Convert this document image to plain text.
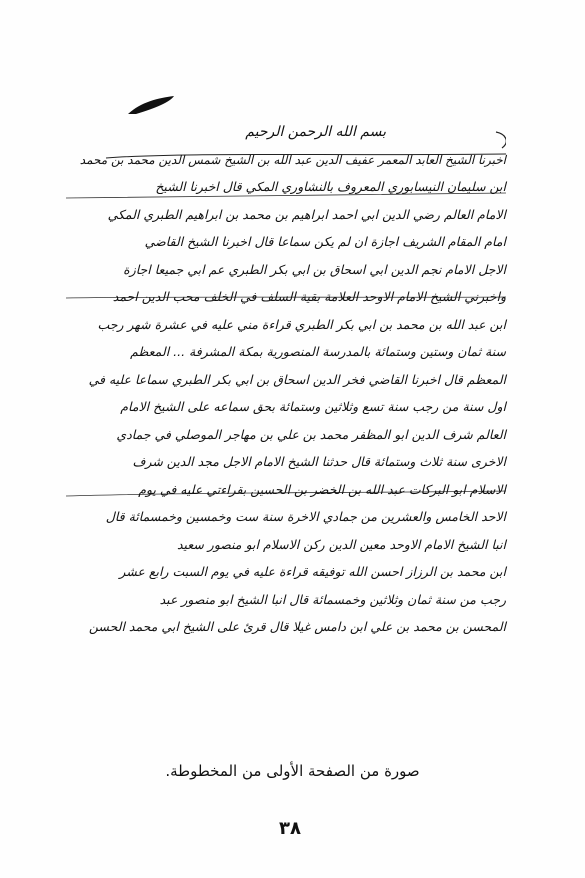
بسم الله الرحمن الرحيم
اخبرنا الشيخ العابد المعمر عفيف الدين عبد الله بن الشيخ شمس الدين محمد بن محمد
ابن سليمان النيسابوري المعروف بالنشاوري المكي قال اخبرنا الشيخ
الامام العالم رضي الدين ابي احمد ابراهيم بن محمد بن ابراهيم الطبري المكي
امام المقام الشريف اجازة ان لم يكن سماعا قال اخبرنا الشيخ القاضي
الاجل الامام نجم الدين ابي اسحاق بن ابي بكر الطبري عم ابي جميعا اجازة
واخبرني الشيخ الامام الاوحد العلامة بقية السلف في الخلف محب الدين احمد
ابن عبد الله بن محمد بن ابي بكر الطبري قراءة مني عليه في عشرة شهر رجب
سنة ثمان وستين وستمائة بالمدرسة المنصورية بمكة المشرفة ... المعظم
المعظم قال اخبرنا القاضي فخر الدين اسحاق بن ابي بكر الطبري سماعا عليه في
اول سنة من رجب سنة تسع وثلاثين وستمائة بحق سماعه على الشيخ الامام
العالم شرف الدين ابو المظفر محمد بن علي بن مهاجر الموصلي في جمادي
الاخرى سنة ثلاث وستمائة قال حدثنا الشيخ الامام الاجل مجد الدين شرف
الاسلام ابو البركات عبد الله بن الخضر بن الحسين بقراءتي عليه في يوم
الاحد الخامس والعشرين من جمادي الاخرة سنة ست وخمسين وخمسمائة قال
انبا الشيخ الامام الاوحد معين الدين ركن الاسلام ابو منصور سعيد
ابن محمد بن الرزاز احسن الله توفيقه قراءة عليه في يوم السبت رابع عشر
رجب من سنة ثمان وثلاثين وخمسمائة قال انبا الشيخ ابو منصور عبد
المحسن بن محمد بن علي ابن دامس غيلا قال قرئ على الشيخ ابي محمد الحسن
صورة من الصفحة الأولى من المخطوطة.
٣٨
